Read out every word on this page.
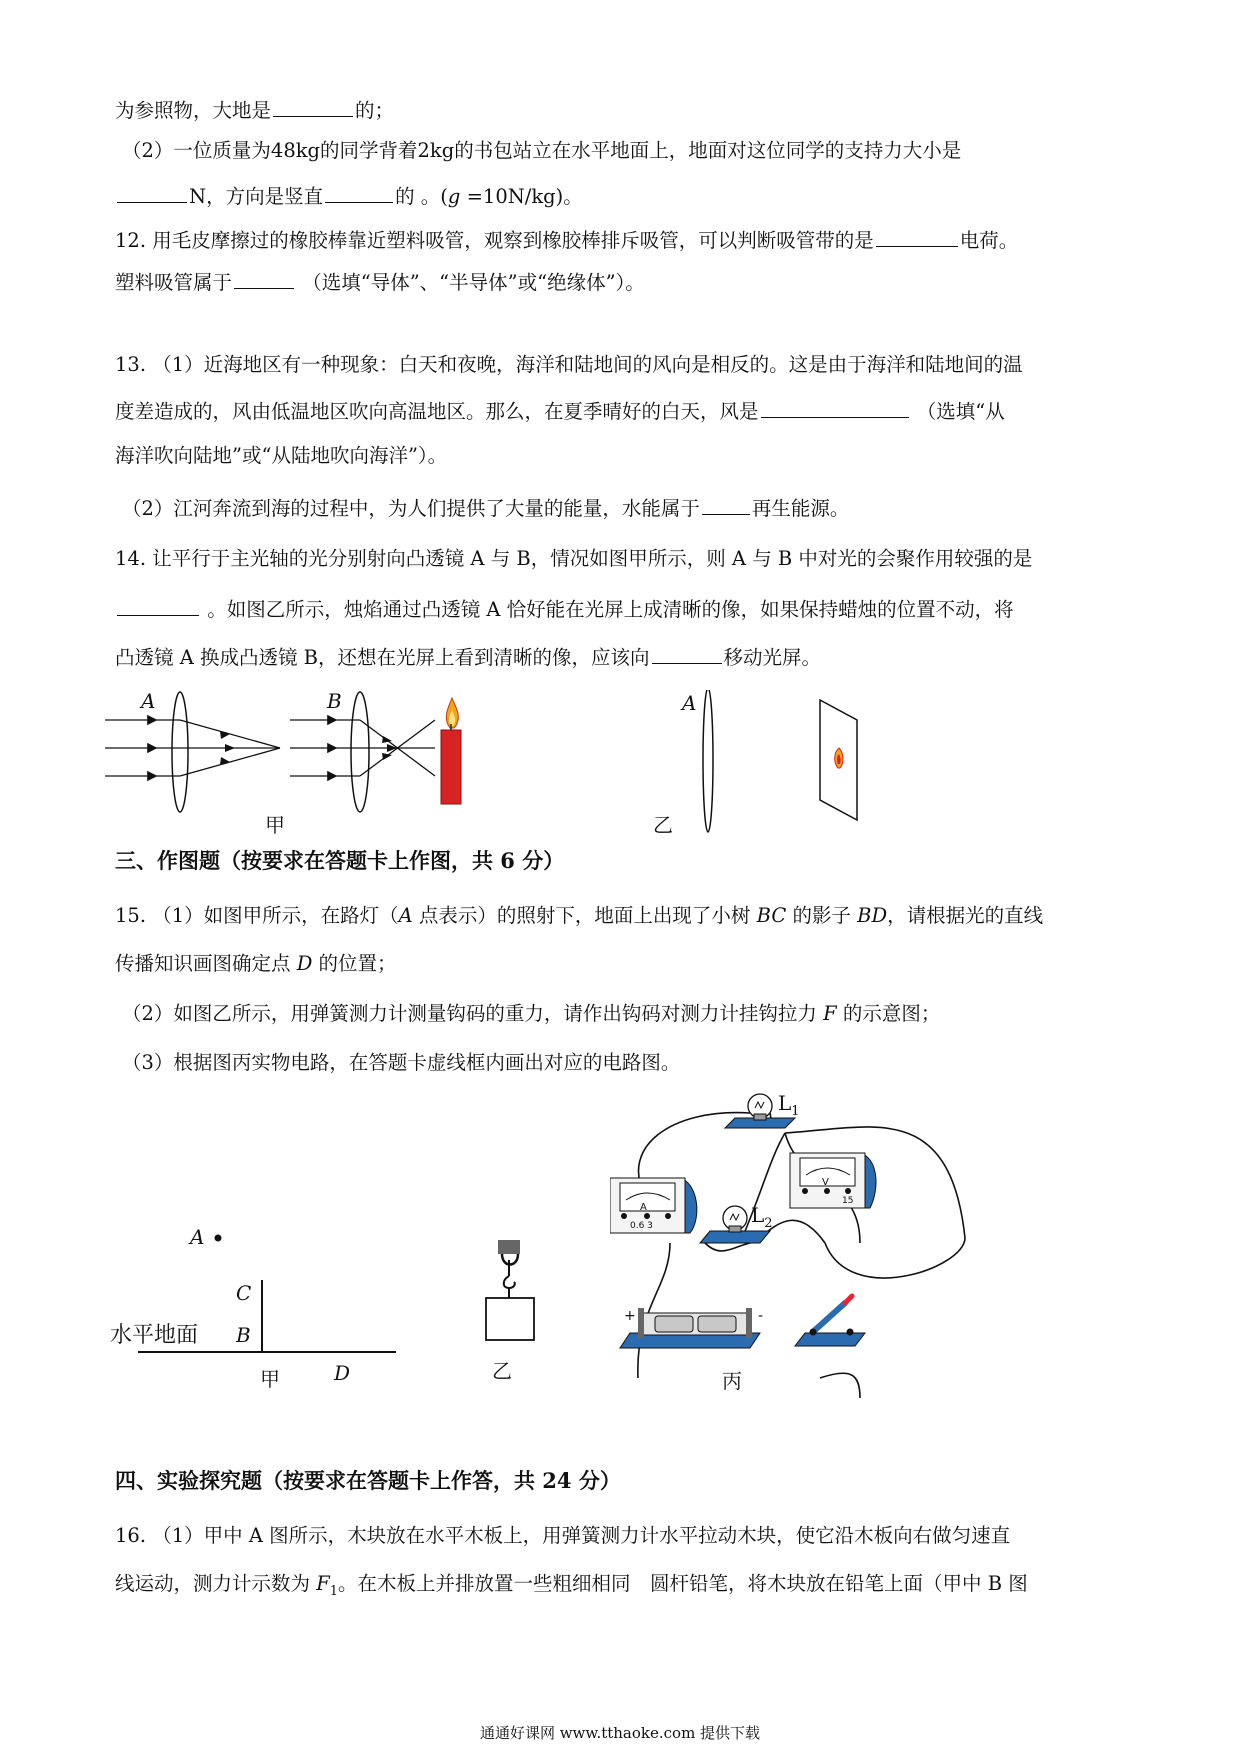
为参照物，大地是	的；
（2）一位质量为48kg的同学背着2kg的书包站立在水平地面上，地面对这位同学的支持力大小是
N，方向是竖直	的 。(g =10N/kg)。
12. 用毛皮摩擦过的橡胶棒靠近塑料吸管，观察到橡胶棒排斥吸管，可以判断吸管带的是	电荷。
塑料吸管属于	（选填“导体”、“半导体”或“绝缘体”）。
13. （1）近海地区有一种现象：白天和夜晚，海洋和陆地间的风向是相反的。这是由于海洋和陆地间的温
度差造成的，风由低温地区吹向高温地区。那么，在夏季晴好的白天，风是	（选填“从
海洋吹向陆地”或“从陆地吹向海洋”）。
（2）江河奔流到海的过程中，为人们提供了大量的能量，水能属于	再生能源。
14. 让平行于主光轴的光分别射向凸透镜 A 与 B，情况如图甲所示，则 A 与 B 中对光的会聚作用较强的是
。如图乙所示，烛焰通过凸透镜 A 恰好能在光屏上成清晰的像，如果保持蜡烛的位置不动，将
凸透镜 A 换成凸透镜 B，还想在光屏上看到清晰的像，应该向	移动光屏。
A	B
甲
A
乙
三、作图题（按要求在答题卡上作图，共 6 分）
15. （1）如图甲所示，在路灯（A 点表示）的照射下，地面上出现了小树 BC 的影子 BD，请根据光的直线
传播知识画图确定点 D 的位置；
（2）如图乙所示，用弹簧测力计测量钩码的重力，请作出钩码对测力计挂钩拉力 F 的示意图；
（3）根据图丙实物电路，在答题卡虚线框内画出对应的电路图。
A
C
B
水平地面
D
甲	乙
$L_1$
$L_2$
A
0.6 3
V
15
+	-
丙
四、实验探究题（按要求在答题卡上作答，共 24 分）
16. （1）甲中 A 图所示，木块放在水平木板上，用弹簧测力计水平拉动木块，使它沿木板向右做匀速直
线运动，测力计示数为 $F_1$。在木板上并排放置一些粗细相同　圆杆铅笔，将木块放在铅笔上面（甲中 B 图
通通好课网 www.tthaoke.com 提供下载
